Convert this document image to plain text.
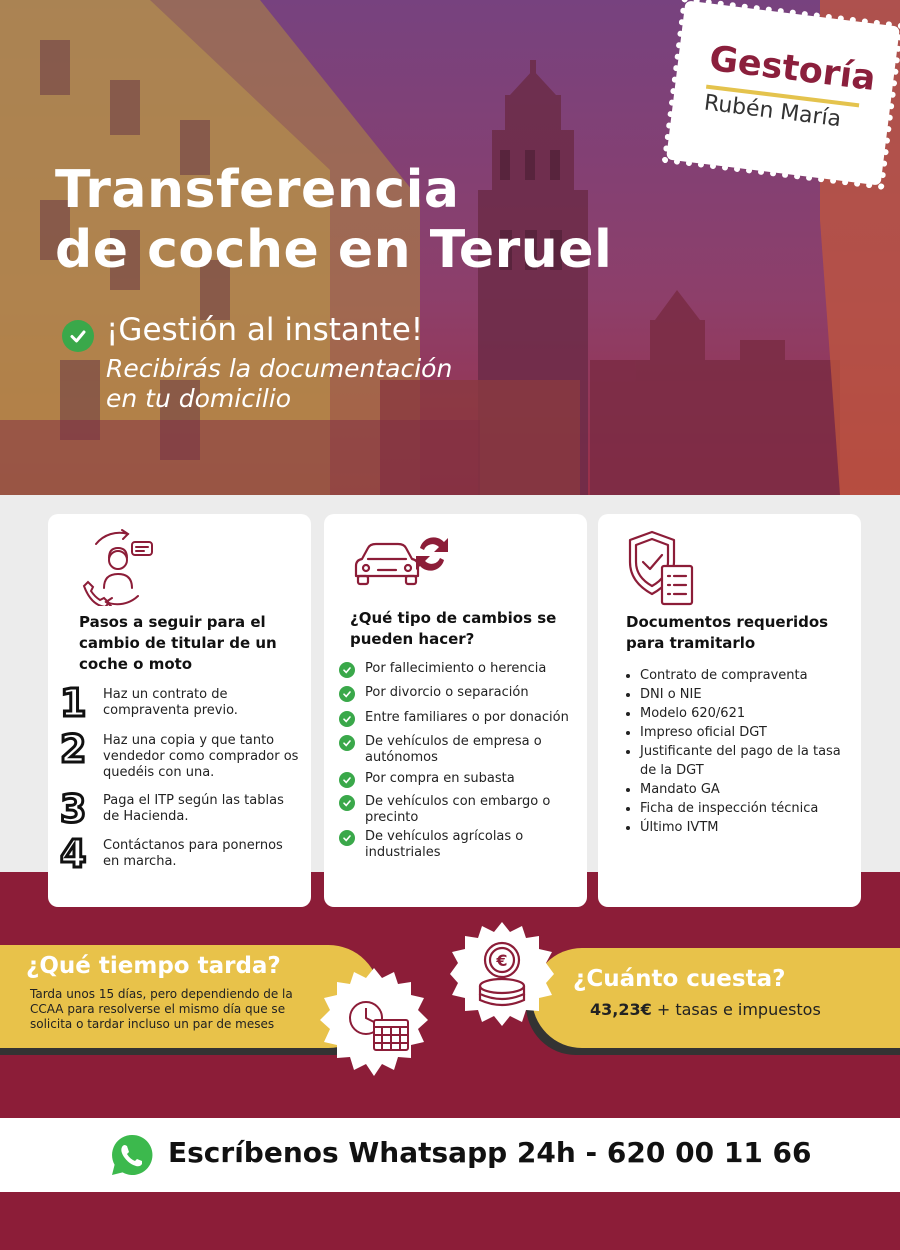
Transferencia
de coche en Teruel
¡Gestión al instante!
Recibirás la documentación
en tu domicilio
Gestoría
Rubén María
Pasos a seguir para el
cambio de titular de un
coche o moto
1 Haz un contrato de
compraventa previo.
2 Haz una copia y que tanto
vendedor como comprador os
quedéis con una.
3 Paga el ITP según las tablas
de Hacienda.
4 Contáctanos para ponernos
en marcha.
¿Qué tipo de cambios se
pueden hacer?
Por fallecimiento o herencia
Por divorcio o separación
Entre familiares o por donación
De vehículos de empresa o
autónomos
Por compra en subasta
De vehículos con embargo o
precinto
De vehículos agrícolas o
industriales
Documentos requeridos
para tramitarlo
• Contrato de compraventa
• DNI o NIE
• Modelo 620/621
• Impreso oficial DGT
• Justificante del pago de la tasa de la DGT
• Mandato GA
• Ficha de inspección técnica
• Último IVTM
¿Qué tiempo tarda?
Tarda unos 15 días, pero dependiendo de la CCAA para resolverse el mismo día que se solicita o tardar incluso un par de meses
¿Cuánto cuesta?
43,23€ + tasas e impuestos
€
Escríbenos Whatsapp 24h - 620 00 11 66
